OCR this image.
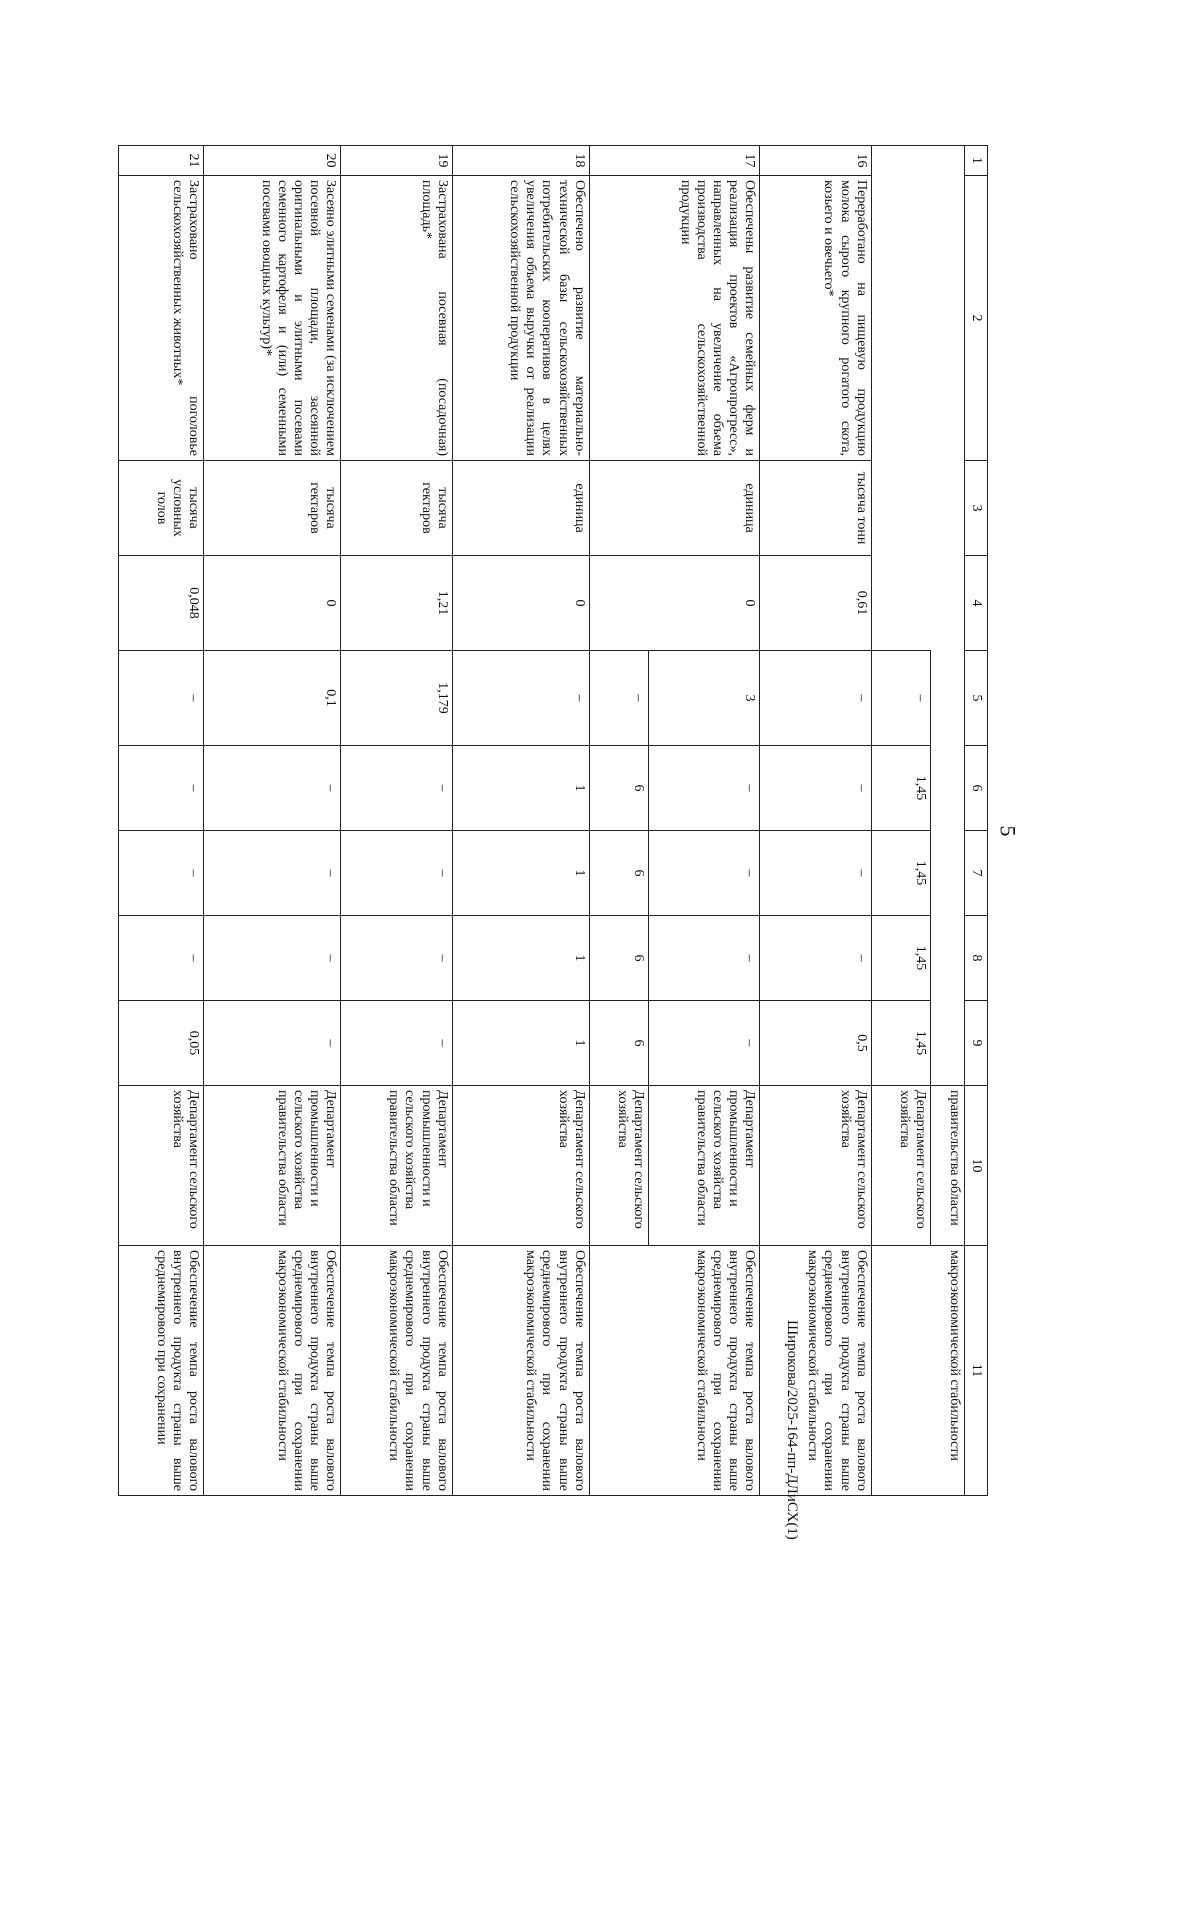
5
1	2	3	4	5	6	7	8	9	10	11
									правительства области	макроэкономической стабильности
				–	1,45	1,45	1,45	1,45	Департамент сельского хозяйства	
16	Переработано на пищевую продукцию молока сырого крупного рогатого скота, козьего и овечьего*	тысяча тонн	0,61	–	–	–	–	0,5	Департамент сельского хозяйства	Обеспечение темпа роста валового внутреннего продукта страны выше среднемирового при сохранении макроэкономической стабильности
17	Обеспечены развитие семейных ферм и реализация проектов «Агропрогресс», направленных на увеличение объема производства сельскохозяйственной продукции	единица	0	3	–	–	–	–	Департамент промышленности и сельского хозяйства правительства области	Обеспечение темпа роста валового внутреннего продукта страны выше среднемирового при сохранении макроэкономической стабильности
				–	6	6	6	6	Департамент сельского хозяйства	
18	Обеспечено развитие материально-технической базы сельскохозяйственных потребительских кооперативов в целях увеличения объема выручки от реализации сельскохозяйственной продукции	единица	0	–	1	1	1	1	Департамент сельского хозяйства	Обеспечение темпа роста валового внутреннего продукта страны выше среднемирового при сохранении макроэкономической стабильности
19	Застрахована посевная (посадочная) площадь*	тысяча гектаров	1,21	1,179	–	–	–	–	Департамент промышленности и сельского хозяйства правительства области	Обеспечение темпа роста валового внутреннего продукта страны выше среднемирового при сохранении макроэкономической стабильности
20	Засеяно элитными семенами (за исключением посевной площади, засеянной оригинальными и элитными посевами семенного картофеля и (или) семенными посевами овощных культур)*	тысяча гектаров	0	0,1	–	–	–	–	Департамент промышленности и сельского хозяйства правительства области	Обеспечение темпа роста валового внутреннего продукта страны выше среднемирового при сохранении макроэкономической стабильности
21	Застраховано поголовье сельскохозяйственных животных*	тысяча условных голов	0,048	–	–	–	–	0,05	Департамент сельского хозяйства	Обеспечение темпа роста валового внутреннего продукта страны выше среднемирового при сохранении	Широкова/2025-164-пп-ДЛиСХ(1)
